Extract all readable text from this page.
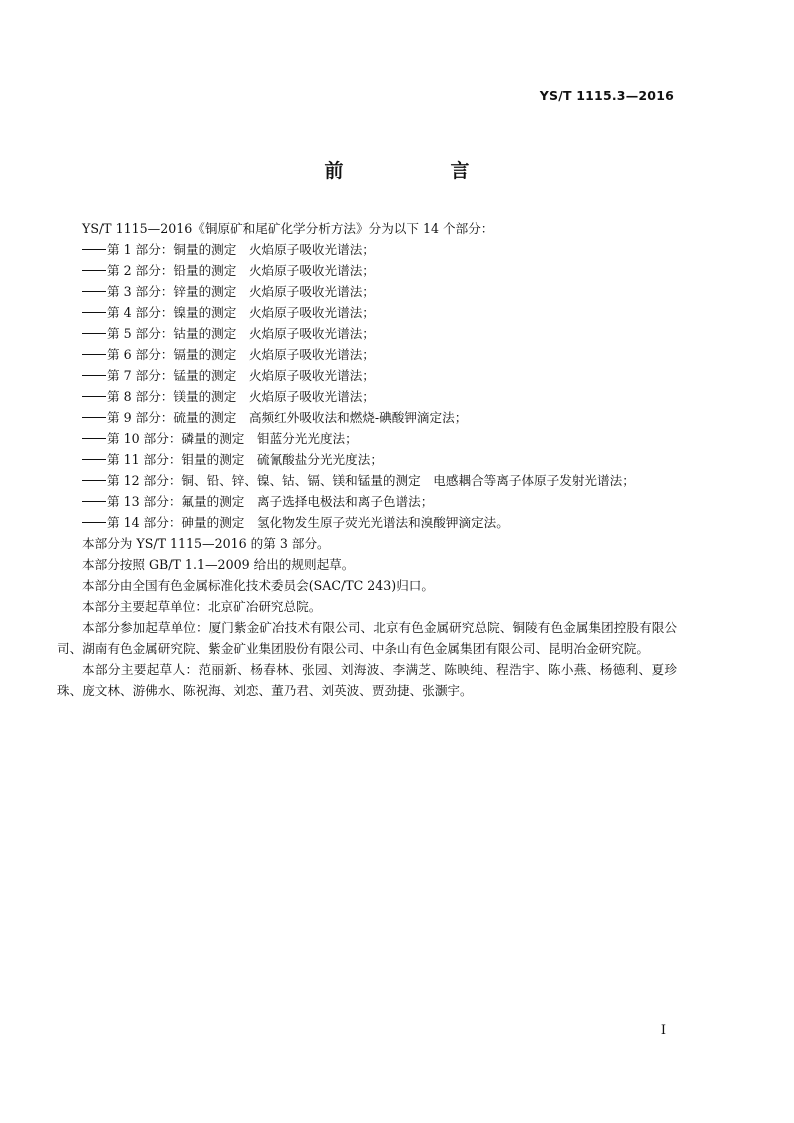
YS/T 1115.3—2016
前　言

YS/T 1115—2016《铜原矿和尾矿化学分析方法》分为以下 14 个部分：

第 1 部分：铜量的测定　火焰原子吸收光谱法；

第 2 部分：铅量的测定　火焰原子吸收光谱法；

第 3 部分：锌量的测定　火焰原子吸收光谱法；

第 4 部分：镍量的测定　火焰原子吸收光谱法；

第 5 部分：钴量的测定　火焰原子吸收光谱法；

第 6 部分：镉量的测定　火焰原子吸收光谱法；

第 7 部分：锰量的测定　火焰原子吸收光谱法；

第 8 部分：镁量的测定　火焰原子吸收光谱法；

第 9 部分：硫量的测定　高频红外吸收法和燃烧-碘酸钾滴定法；

第 10 部分：磷量的测定　钼蓝分光光度法；

第 11 部分：钼量的测定　硫氰酸盐分光光度法；

第 12 部分：铜、铅、锌、镍、钴、镉、镁和锰量的测定　电感耦合等离子体原子发射光谱法；

第 13 部分：氟量的测定　离子选择电极法和离子色谱法；

第 14 部分：砷量的测定　氢化物发生原子荧光光谱法和溴酸钾滴定法。

本部分为 YS/T 1115—2016 的第 3 部分。

本部分按照 GB/T 1.1—2009 给出的规则起草。

本部分由全国有色金属标准化技术委员会(SAC/TC 243)归口。

本部分主要起草单位：北京矿冶研究总院。

本部分参加起草单位：厦门紫金矿冶技术有限公司、北京有色金属研究总院、铜陵有色金属集团控股有限公司、湖南有色金属研究院、紫金矿业集团股份有限公司、中条山有色金属集团有限公司、昆明冶金研究院。

本部分主要起草人：范丽新、杨春林、张园、刘海波、李满芝、陈映纯、程浩宇、陈小燕、杨德利、夏珍珠、庞文林、游佛水、陈祝海、刘恋、董乃君、刘英波、贾劲捷、张灏宇。

I
